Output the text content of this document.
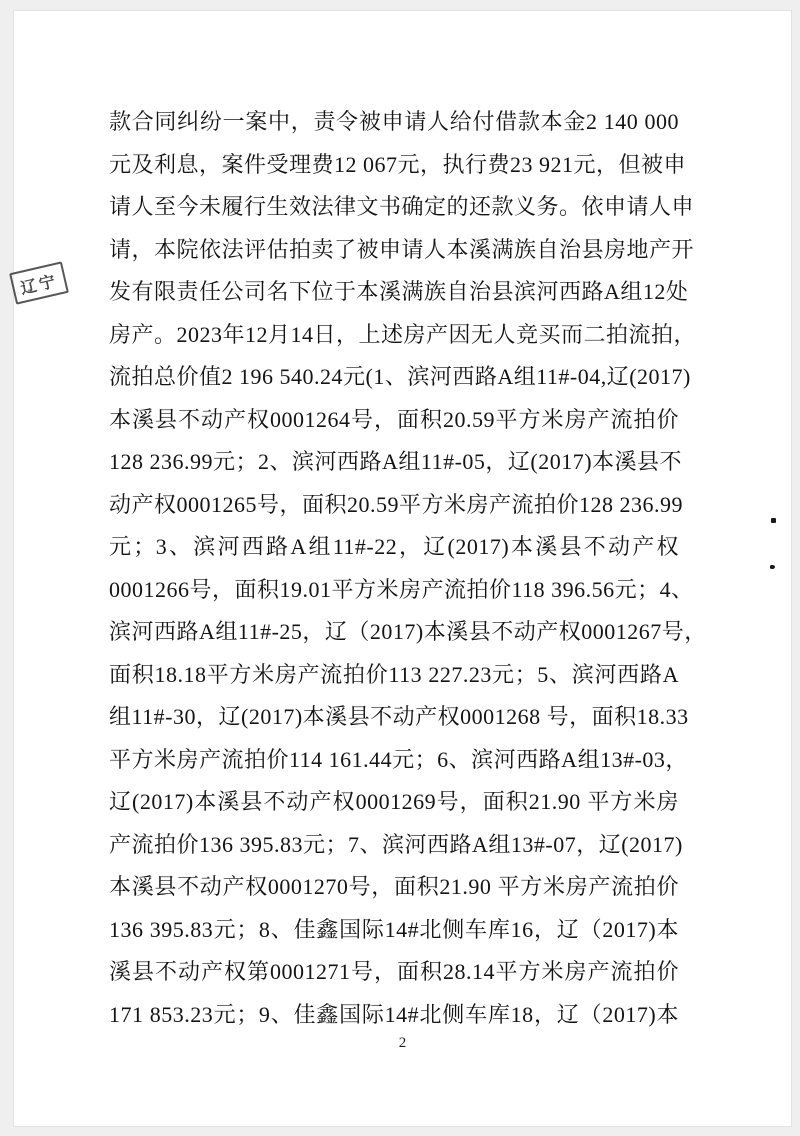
辽宁
款合同纠纷一案中，责令被申请人给付借款本金2 140 000
元及利息，案件受理费12 067元，执行费23 921元，但被申
请人至今未履行生效法律文书确定的还款义务。依申请人申
请，本院依法评估拍卖了被申请人本溪满族自治县房地产开
发有限责任公司名下位于本溪满族自治县滨河西路A组12处
房产。2023年12月14日，上述房产因无人竞买而二拍流拍，
流拍总价值2 196 540.24元(1、滨河西路A组11#-04,辽(2017)
本溪县不动产权0001264号，面积20.59平方米房产流拍价
128 236.99元；2、滨河西路A组11#-05，辽(2017)本溪县不
动产权0001265号，面积20.59平方米房产流拍价128 236.99
元；3、滨河西路A组11#-22，辽(2017)本溪县不动产权
0001266号，面积19.01平方米房产流拍价118 396.56元；4、
滨河西路A组11#-25，辽（2017)本溪县不动产权0001267号，
面积18.18平方米房产流拍价113 227.23元；5、滨河西路A
组11#-30，辽(2017)本溪县不动产权0001268 号，面积18.33
平方米房产流拍价114 161.44元；6、滨河西路A组13#-03，
辽(2017)本溪县不动产权0001269号，面积21.90 平方米房
产流拍价136 395.83元；7、滨河西路A组13#-07，辽(2017)
本溪县不动产权0001270号，面积21.90 平方米房产流拍价
136 395.83元；8、佳鑫国际14#北侧车库16，辽（2017)本
溪县不动产权第0001271号，面积28.14平方米房产流拍价
171 853.23元；9、佳鑫国际14#北侧车库18，辽（2017)本
2
